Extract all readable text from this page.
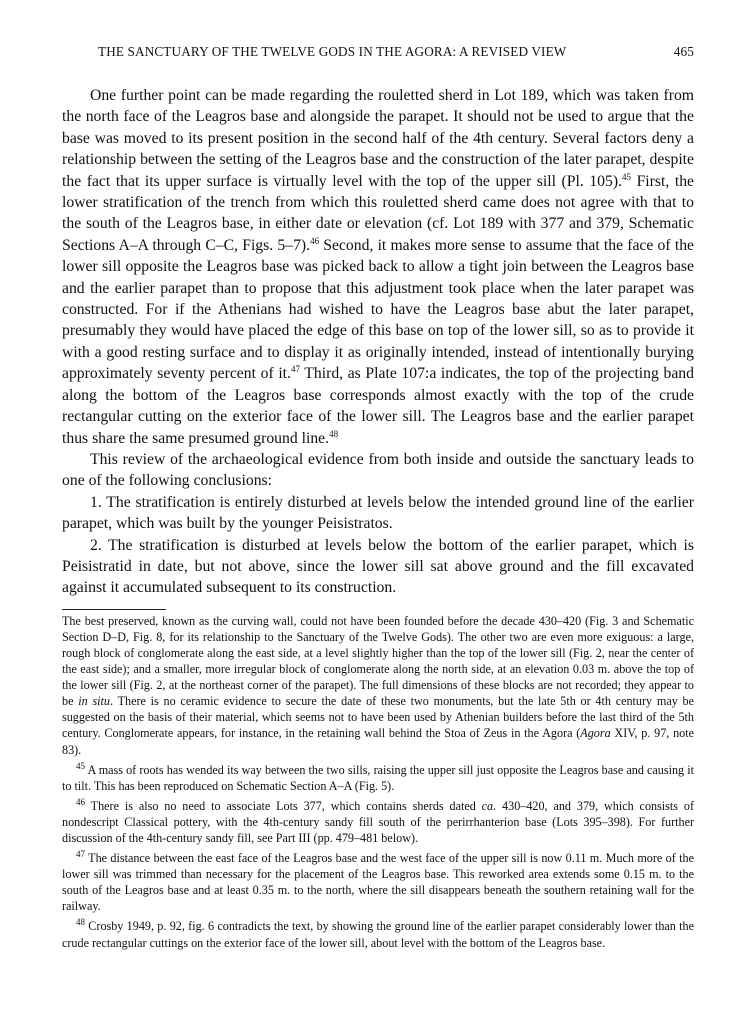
THE SANCTUARY OF THE TWELVE GODS IN THE AGORA: A REVISED VIEW	465

One further point can be made regarding the rouletted sherd in Lot 189, which was taken from the north face of the Leagros base and alongside the parapet. It should not be used to argue that the base was moved to its present position in the second half of the 4th century. Several factors deny a relationship between the setting of the Leagros base and the construction of the later parapet, despite the fact that its upper surface is virtually level with the top of the upper sill (Pl. 105).$^{45}$ First, the lower stratification of the trench from which this rouletted sherd came does not agree with that to the south of the Leagros base, in either date or elevation (cf. Lot 189 with 377 and 379, Schematic Sections A–A through C–C, Figs. 5–7).$^{46}$ Second, it makes more sense to assume that the face of the lower sill opposite the Leagros base was picked back to allow a tight join between the Leagros base and the earlier parapet than to propose that this adjustment took place when the later parapet was constructed. For if the Athenians had wished to have the Leagros base abut the later parapet, presumably they would have placed the edge of this base on top of the lower sill, so as to provide it with a good resting surface and to display it as originally intended, instead of intentionally burying approximately seventy percent of it.$^{47}$ Third, as Plate 107:a indicates, the top of the projecting band along the bottom of the Leagros base corresponds almost exactly with the top of the crude rectangular cutting on the exterior face of the lower sill. The Leagros base and the earlier parapet thus share the same presumed ground line.$^{48}$

This review of the archaeological evidence from both inside and outside the sanctuary leads to one of the following conclusions:

1. The stratification is entirely disturbed at levels below the intended ground line of the earlier parapet, which was built by the younger Peisistratos.

2. The stratification is disturbed at levels below the bottom of the earlier parapet, which is Peisistratid in date, but not above, since the lower sill sat above ground and the fill excavated against it accumulated subsequent to its construction.

The best preserved, known as the curving wall, could not have been founded before the decade 430–420 (Fig. 3 and Schematic Section D–D, Fig. 8, for its relationship to the Sanctuary of the Twelve Gods). The other two are even more exiguous: a large, rough block of conglomerate along the east side, at a level slightly higher than the top of the lower sill (Fig. 2, near the center of the east side); and a smaller, more irregular block of conglomerate along the north side, at an elevation 0.03 m. above the top of the lower sill (Fig. 2, at the northeast corner of the parapet). The full dimensions of these blocks are not recorded; they appear to be in situ. There is no ceramic evidence to secure the date of these two monuments, but the late 5th or 4th century may be suggested on the basis of their material, which seems not to have been used by Athenian builders before the last third of the 5th century. Conglomerate appears, for instance, in the retaining wall behind the Stoa of Zeus in the Agora (Agora XIV, p. 97, note 83).

$^{45}$ A mass of roots has wended its way between the two sills, raising the upper sill just opposite the Leagros base and causing it to tilt. This has been reproduced on Schematic Section A–A (Fig. 5).

$^{46}$ There is also no need to associate Lots 377, which contains sherds dated ca. 430–420, and 379, which consists of nondescript Classical pottery, with the 4th-century sandy fill south of the perirrhanterion base (Lots 395–398). For further discussion of the 4th-century sandy fill, see Part III (pp. 479–481 below).

$^{47}$ The distance between the east face of the Leagros base and the west face of the upper sill is now 0.11 m. Much more of the lower sill was trimmed than necessary for the placement of the Leagros base. This reworked area extends some 0.15 m. to the south of the Leagros base and at least 0.35 m. to the north, where the sill disappears beneath the southern retaining wall for the railway.

$^{48}$ Crosby 1949, p. 92, fig. 6 contradicts the text, by showing the ground line of the earlier parapet considerably lower than the crude rectangular cuttings on the exterior face of the lower sill, about level with the bottom of the Leagros base.
